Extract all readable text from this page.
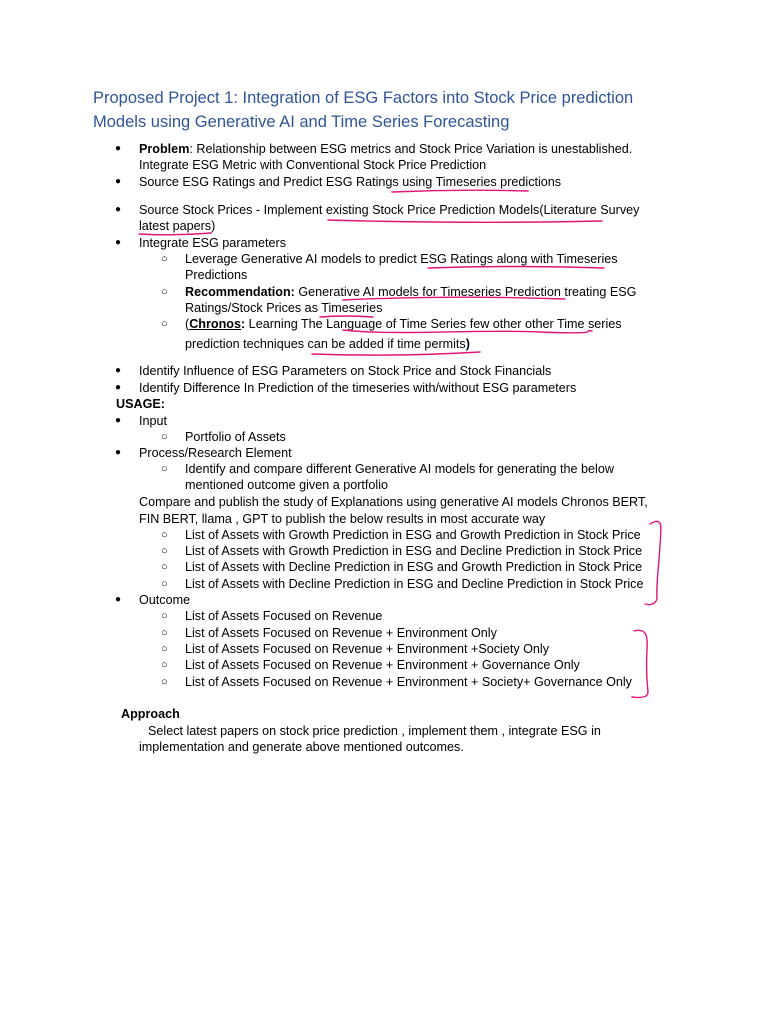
Proposed Project 1: Integration of ESG Factors into Stock Price prediction
Models using Generative AI and Time Series Forecasting
● Problem: Relationship between ESG metrics and Stock Price Variation is unestablished.
Integrate ESG Metric with Conventional Stock Price Prediction
● Source ESG Ratings and Predict ESG Ratings using Timeseries predictions
● Source Stock Prices - Implement existing Stock Price Prediction Models(Literature Survey
latest papers)
● Integrate ESG parameters
○ Leverage Generative AI models to predict ESG Ratings along with Timeseries
Predictions
○ Recommendation: Generative AI models for Timeseries Prediction treating ESG
Ratings/Stock Prices as Timeseries
○ (Chronos: Learning The Language of Time Series few other other Time series
prediction techniques can be added if time permits)
● Identify Influence of ESG Parameters on Stock Price and Stock Financials
● Identify Difference In Prediction of the timeseries with/without ESG parameters
USAGE:
● Input
○ Portfolio of Assets
● Process/Research Element
○ Identify and compare different Generative AI models for generating the below
mentioned outcome given a portfolio
Compare and publish the study of Explanations using generative AI models Chronos BERT,
FIN BERT, llama , GPT to publish the below results in most accurate way
○ List of Assets with Growth Prediction in ESG and Growth Prediction in Stock Price
○ List of Assets with Growth Prediction in ESG and Decline Prediction in Stock Price
○ List of Assets with Decline Prediction in ESG and Growth Prediction in Stock Price
○ List of Assets with Decline Prediction in ESG and Decline Prediction in Stock Price
● Outcome
○ List of Assets Focused on Revenue
○ List of Assets Focused on Revenue + Environment Only
○ List of Assets Focused on Revenue + Environment +Society Only
○ List of Assets Focused on Revenue + Environment + Governance Only
○ List of Assets Focused on Revenue + Environment + Society+ Governance Only
Approach
Select latest papers on stock price prediction , implement them , integrate ESG in
implementation and generate above mentioned outcomes.
